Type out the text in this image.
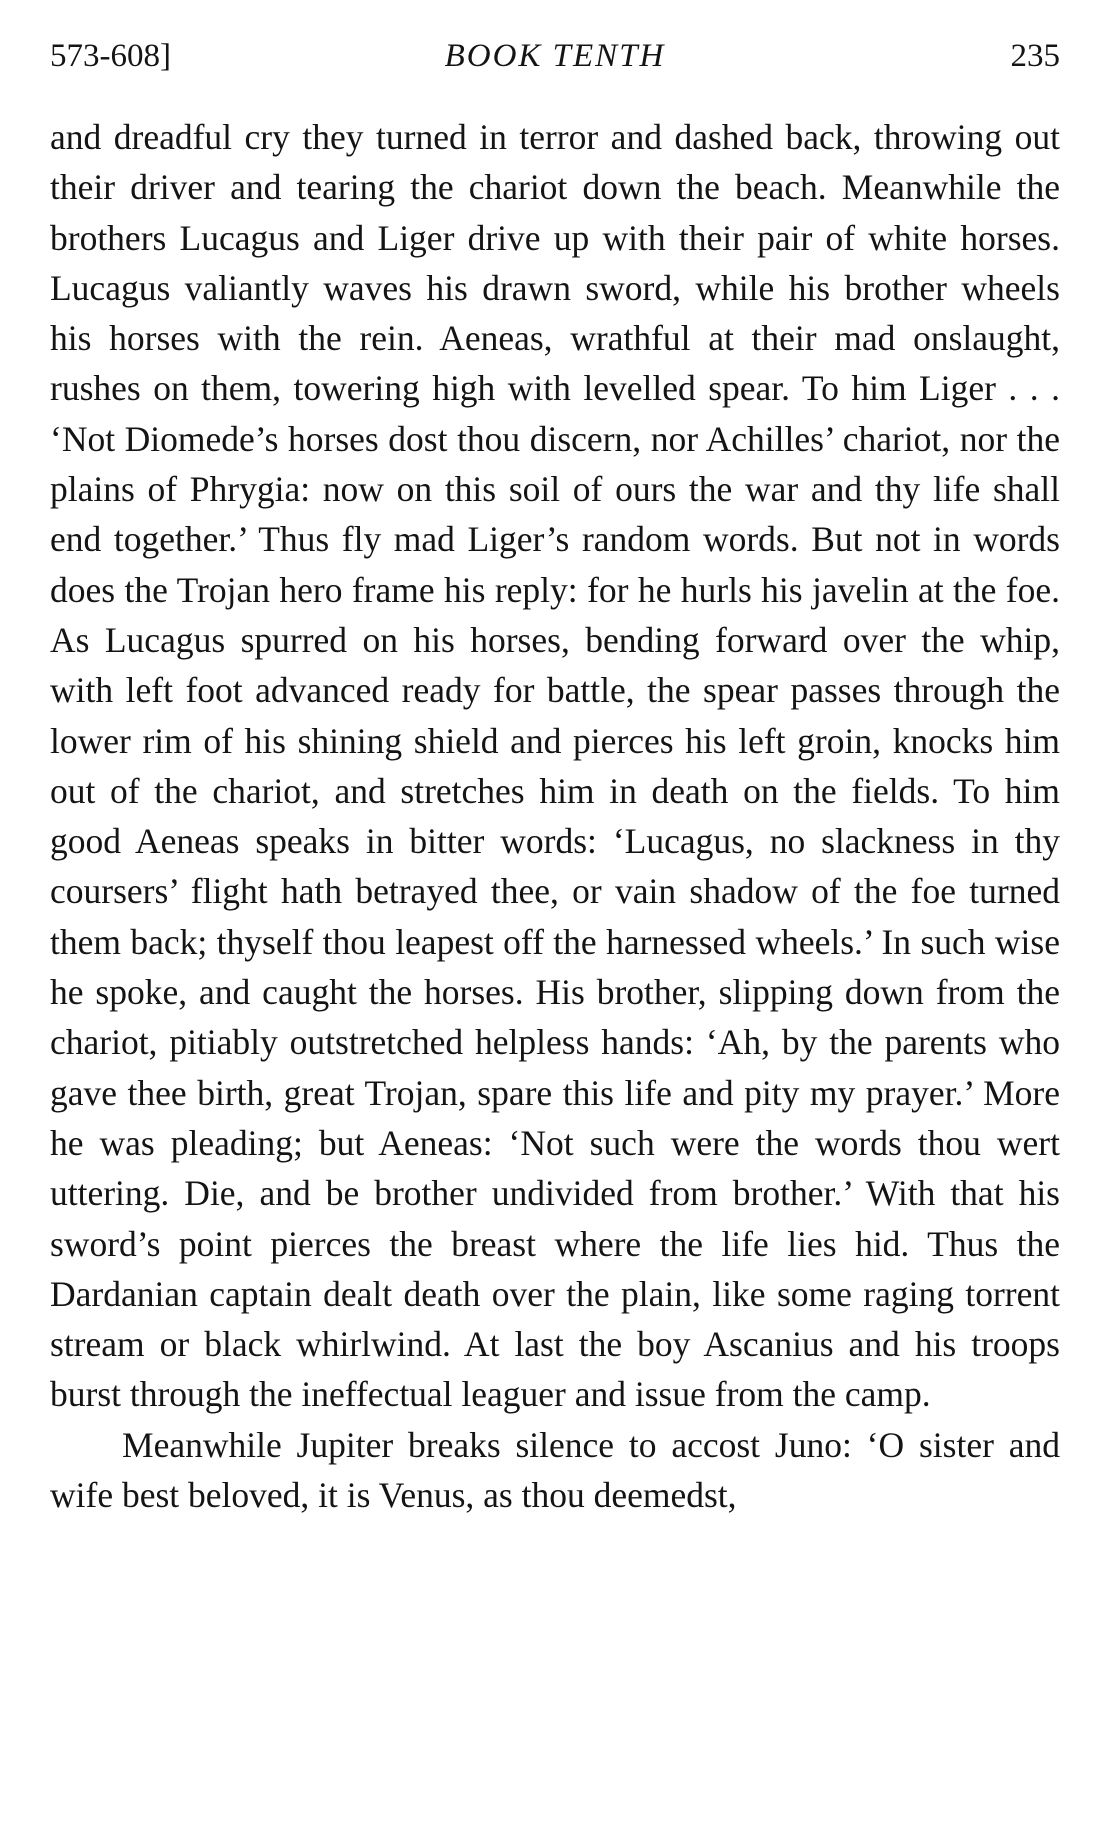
573-608]	BOOK TENTH	235

and dreadful cry they turned in terror and dashed back, throwing out their driver and tearing the chariot down the beach. Meanwhile the brothers Lucagus and Liger drive up with their pair of white horses. Lucagus valiantly waves his drawn sword, while his brother wheels his horses with the rein. Aeneas, wrathful at their mad onslaught, rushes on them, towering high with levelled spear. To him Liger . . . ‘Not Diomede’s horses dost thou discern, nor Achilles’ chariot, nor the plains of Phrygia: now on this soil of ours the war and thy life shall end together.’ Thus fly mad Liger’s random words. But not in words does the Trojan hero frame his reply: for he hurls his javelin at the foe. As Lucagus spurred on his horses, bending forward over the whip, with left foot advanced ready for battle, the spear passes through the lower rim of his shining shield and pierces his left groin, knocks him out of the chariot, and stretches him in death on the fields. To him good Aeneas speaks in bitter words: ‘Lucagus, no slackness in thy coursers’ flight hath betrayed thee, or vain shadow of the foe turned them back; thyself thou leapest off the harnessed wheels.’ In such wise he spoke, and caught the horses. His brother, slipping down from the chariot, pitiably outstretched helpless hands: ‘Ah, by the parents who gave thee birth, great Trojan, spare this life and pity my prayer.’ More he was pleading; but Aeneas: ‘Not such were the words thou wert uttering. Die, and be brother undivided from brother.’ With that his sword’s point pierces the breast where the life lies hid. Thus the Dardanian captain dealt death over the plain, like some raging torrent stream or black whirlwind. At last the boy Ascanius and his troops burst through the ineffectual leaguer and issue from the camp.

Meanwhile Jupiter breaks silence to accost Juno: ‘O sister and wife best beloved, it is Venus, as thou deemedst,
